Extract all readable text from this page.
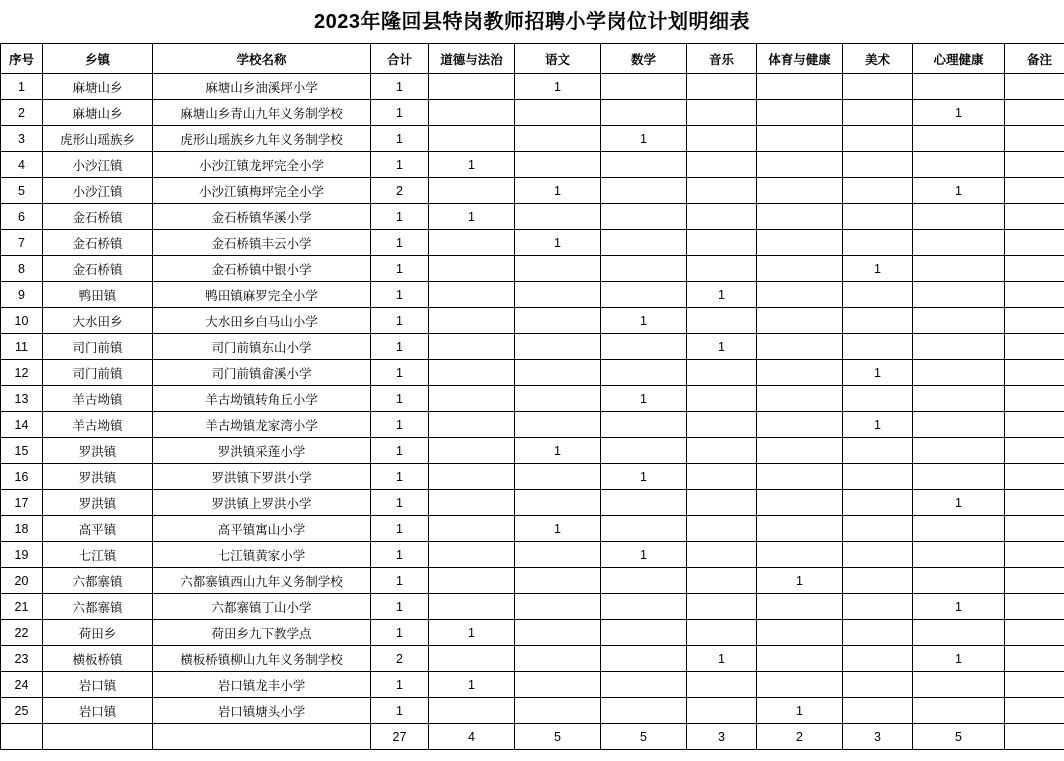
2023年隆回县特岗教师招聘小学岗位计划明细表
序号	乡镇	学校名称	合计	道德与法治	语文	数学	音乐	体育与健康	美术	心理健康	备注
1	麻塘山乡	麻塘山乡油溪坪小学	1		1						
2	麻塘山乡	麻塘山乡青山九年义务制学校	1							1	
3	虎形山瑶族乡	虎形山瑶族乡九年义务制学校	1			1					
4	小沙江镇	小沙江镇龙坪完全小学	1	1							
5	小沙江镇	小沙江镇梅坪完全小学	2		1					1	
6	金石桥镇	金石桥镇华溪小学	1	1							
7	金石桥镇	金石桥镇丰云小学	1		1						
8	金石桥镇	金石桥镇中银小学	1						1		
9	鸭田镇	鸭田镇麻罗完全小学	1				1				
10	大水田乡	大水田乡白马山小学	1			1					
11	司门前镇	司门前镇东山小学	1				1				
12	司门前镇	司门前镇畲溪小学	1						1		
13	羊古坳镇	羊古坳镇转角丘小学	1			1					
14	羊古坳镇	羊古坳镇龙家湾小学	1						1		
15	罗洪镇	罗洪镇采莲小学	1		1						
16	罗洪镇	罗洪镇下罗洪小学	1			1					
17	罗洪镇	罗洪镇上罗洪小学	1							1	
18	高平镇	高平镇寓山小学	1		1						
19	七江镇	七江镇黄家小学	1			1					
20	六都寨镇	六都寨镇西山九年义务制学校	1					1			
21	六都寨镇	六都寨镇丁山小学	1							1	
22	荷田乡	荷田乡九下教学点	1	1							
23	横板桥镇	横板桥镇柳山九年义务制学校	2				1			1	
24	岩口镇	岩口镇龙丰小学	1	1							
25	岩口镇	岩口镇塘头小学	1					1			
			27	4	5	5	3	2	3	5	
